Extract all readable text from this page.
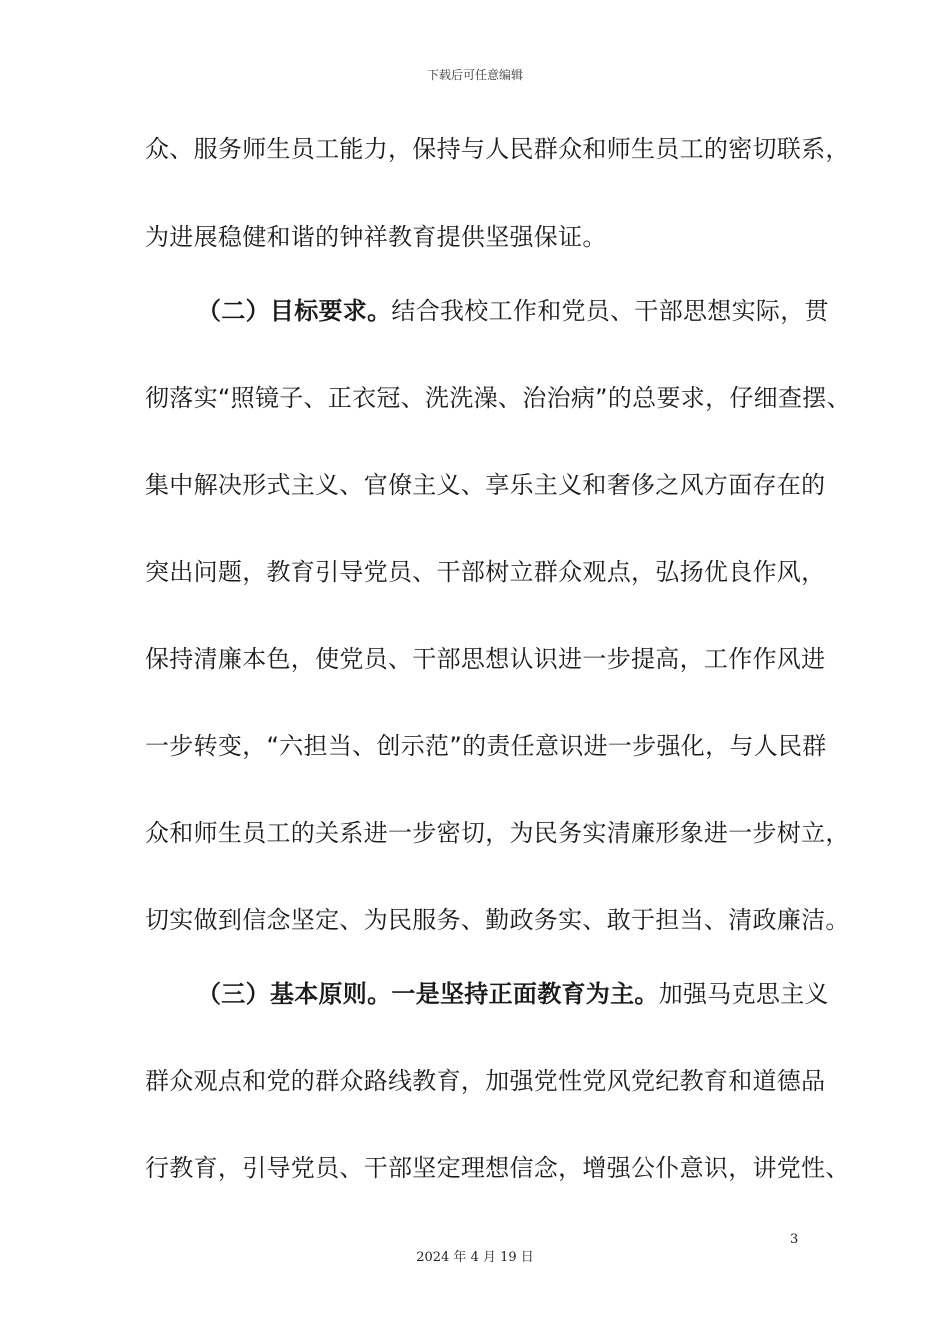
下载后可任意编辑
众、服务师生员工能力，保持与人民群众和师生员工的密切联系，
为进展稳健和谐的钟祥教育提供坚强保证。
（二）目标要求。结合我校工作和党员、干部思想实际，贯
彻落实“照镜子、正衣冠、洗洗澡、治治病”的总要求，仔细查摆、
集中解决形式主义、官僚主义、享乐主义和奢侈之风方面存在的
突出问题，教育引导党员、干部树立群众观点，弘扬优良作风，
保持清廉本色，使党员、干部思想认识进一步提高，工作作风进
一步转变，“六担当、创示范”的责任意识进一步强化，与人民群
众和师生员工的关系进一步密切，为民务实清廉形象进一步树立，
切实做到信念坚定、为民服务、勤政务实、敢于担当、清政廉洁。
（三）基本原则。一是坚持正面教育为主。加强马克思主义
群众观点和党的群众路线教育，加强党性党风党纪教育和道德品
行教育，引导党员、干部坚定理想信念，增强公仆意识，讲党性、
3
2024 年 4 月 19 日
